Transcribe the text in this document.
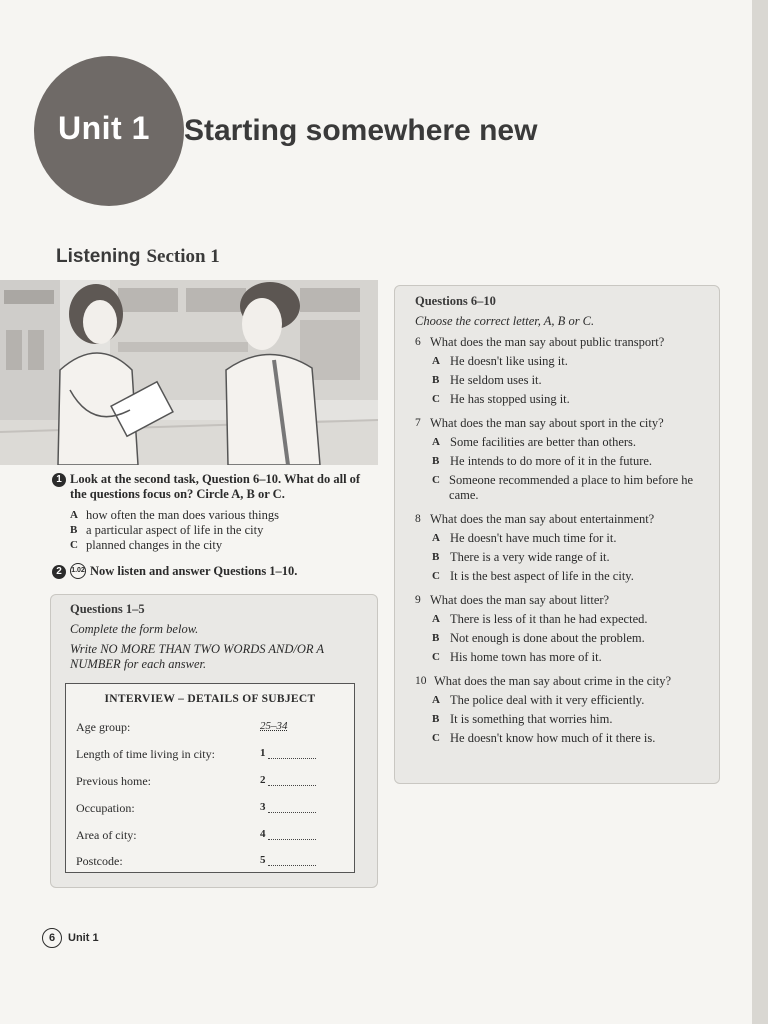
Unit 1 Starting somewhere new
Listening Section 1
1 Look at the second task, Question 6–10. What do all of the questions focus on? Circle A, B or C.
A how often the man does various things
B a particular aspect of life in the city
C planned changes in the city
2	1.02 Now listen and answer Questions 1–10.
Questions 1–5
Complete the form below.
Write NO MORE THAN TWO WORDS AND/OR A NUMBER for each answer.
INTERVIEW – DETAILS OF SUBJECT
Age group:	25–34
Length of time living in city:	1
Previous home:	2
Occupation:	3
Area of city:	4
Postcode:	5
Questions 6–10
Choose the correct letter, A, B or C.
6 What does the man say about public transport?
A He doesn't like using it.
B He seldom uses it.
C He has stopped using it.
7 What does the man say about sport in the city?
A Some facilities are better than others.
B He intends to do more of it in the future.
C Someone recommended a place to him before he came.
8 What does the man say about entertainment?
A He doesn't have much time for it.
B There is a very wide range of it.
C It is the best aspect of life in the city.
9 What does the man say about litter?
A There is less of it than he had expected.
B Not enough is done about the problem.
C His home town has more of it.
10 What does the man say about crime in the city?
A The police deal with it very efficiently.
B It is something that worries him.
C He doesn't know how much of it there is.
6	Unit 1
